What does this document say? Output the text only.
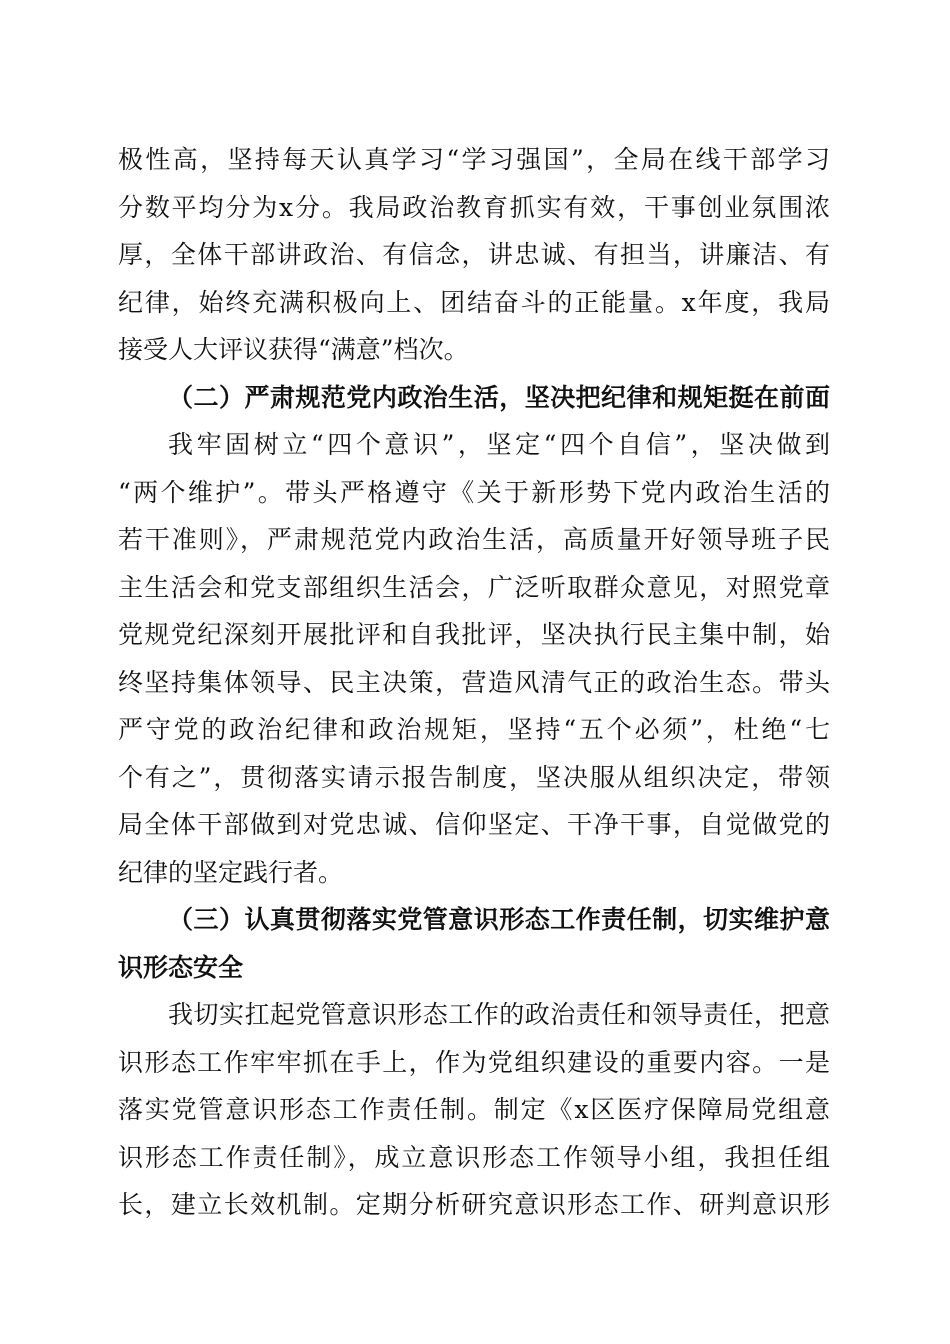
极性高，坚持每天认真学习“学习强国”，全局在线干部学习
分数平均分为x分。我局政治教育抓实有效，干事创业氛围浓
厚，全体干部讲政治、有信念，讲忠诚、有担当，讲廉洁、有
纪律，始终充满积极向上、团结奋斗的正能量。x年度，我局
接受人大评议获得“满意”档次。
（二）严肃规范党内政治生活，坚决把纪律和规矩挺在前面
我牢固树立“四个意识”，坚定“四个自信”，坚决做到
“两个维护”。带头严格遵守《关于新形势下党内政治生活的
若干准则》，严肃规范党内政治生活，高质量开好领导班子民
主生活会和党支部组织生活会，广泛听取群众意见，对照党章
党规党纪深刻开展批评和自我批评，坚决执行民主集中制，始
终坚持集体领导、民主决策，营造风清气正的政治生态。带头
严守党的政治纪律和政治规矩，坚持“五个必须”，杜绝“七
个有之”，贯彻落实请示报告制度，坚决服从组织决定，带领
局全体干部做到对党忠诚、信仰坚定、干净干事，自觉做党的
纪律的坚定践行者。
（三）认真贯彻落实党管意识形态工作责任制，切实维护意
识形态安全
我切实扛起党管意识形态工作的政治责任和领导责任，把意
识形态工作牢牢抓在手上，作为党组织建设的重要内容。一是
落实党管意识形态工作责任制。制定《x区医疗保障局党组意
识形态工作责任制》，成立意识形态工作领导小组，我担任组
长，建立长效机制。定期分析研究意识形态工作、研判意识形
